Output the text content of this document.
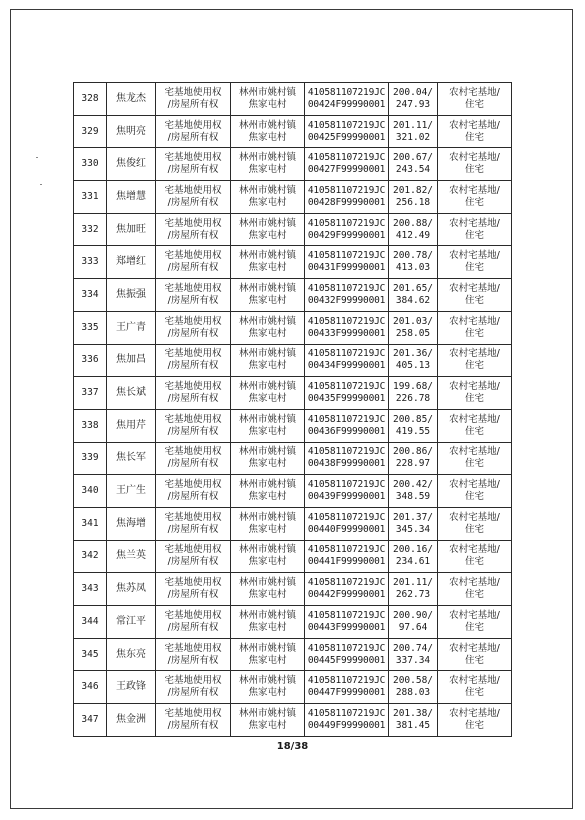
328	焦龙杰	宅基地使用权
/房屋所有权	林州市姚村镇
焦家屯村	410581107219JC
00424F99990001	200.04/
247.93	农村宅基地/
住宅
329	焦明亮	宅基地使用权
/房屋所有权	林州市姚村镇
焦家屯村	410581107219JC
00425F99990001	201.11/
321.02	农村宅基地/
住宅
330	焦俊红	宅基地使用权
/房屋所有权	林州市姚村镇
焦家屯村	410581107219JC
00427F99990001	200.67/
243.54	农村宅基地/
住宅
331	焦增慧	宅基地使用权
/房屋所有权	林州市姚村镇
焦家屯村	410581107219JC
00428F99990001	201.82/
256.18	农村宅基地/
住宅
332	焦加旺	宅基地使用权
/房屋所有权	林州市姚村镇
焦家屯村	410581107219JC
00429F99990001	200.88/
412.49	农村宅基地/
住宅
333	郑增红	宅基地使用权
/房屋所有权	林州市姚村镇
焦家屯村	410581107219JC
00431F99990001	200.78/
413.03	农村宅基地/
住宅
334	焦振强	宅基地使用权
/房屋所有权	林州市姚村镇
焦家屯村	410581107219JC
00432F99990001	201.65/
384.62	农村宅基地/
住宅
335	王广青	宅基地使用权
/房屋所有权	林州市姚村镇
焦家屯村	410581107219JC
00433F99990001	201.03/
258.05	农村宅基地/
住宅
336	焦加昌	宅基地使用权
/房屋所有权	林州市姚村镇
焦家屯村	410581107219JC
00434F99990001	201.36/
405.13	农村宅基地/
住宅
337	焦长斌	宅基地使用权
/房屋所有权	林州市姚村镇
焦家屯村	410581107219JC
00435F99990001	199.68/
226.78	农村宅基地/
住宅
338	焦用芹	宅基地使用权
/房屋所有权	林州市姚村镇
焦家屯村	410581107219JC
00436F99990001	200.85/
419.55	农村宅基地/
住宅
339	焦长军	宅基地使用权
/房屋所有权	林州市姚村镇
焦家屯村	410581107219JC
00438F99990001	200.86/
228.97	农村宅基地/
住宅
340	王广生	宅基地使用权
/房屋所有权	林州市姚村镇
焦家屯村	410581107219JC
00439F99990001	200.42/
348.59	农村宅基地/
住宅
341	焦海增	宅基地使用权
/房屋所有权	林州市姚村镇
焦家屯村	410581107219JC
00440F99990001	201.37/
345.34	农村宅基地/
住宅
342	焦兰英	宅基地使用权
/房屋所有权	林州市姚村镇
焦家屯村	410581107219JC
00441F99990001	200.16/
234.61	农村宅基地/
住宅
343	焦苏凤	宅基地使用权
/房屋所有权	林州市姚村镇
焦家屯村	410581107219JC
00442F99990001	201.11/
262.73	农村宅基地/
住宅
344	常江平	宅基地使用权
/房屋所有权	林州市姚村镇
焦家屯村	410581107219JC
00443F99990001	200.90/
97.64	农村宅基地/
住宅
345	焦东亮	宅基地使用权
/房屋所有权	林州市姚村镇
焦家屯村	410581107219JC
00445F99990001	200.74/
337.34	农村宅基地/
住宅
346	王政锋	宅基地使用权
/房屋所有权	林州市姚村镇
焦家屯村	410581107219JC
00447F99990001	200.58/
288.03	农村宅基地/
住宅
347	焦金洲	宅基地使用权
/房屋所有权	林州市姚村镇
焦家屯村	410581107219JC
00449F99990001	201.38/
381.45	农村宅基地/
住宅
18/38
